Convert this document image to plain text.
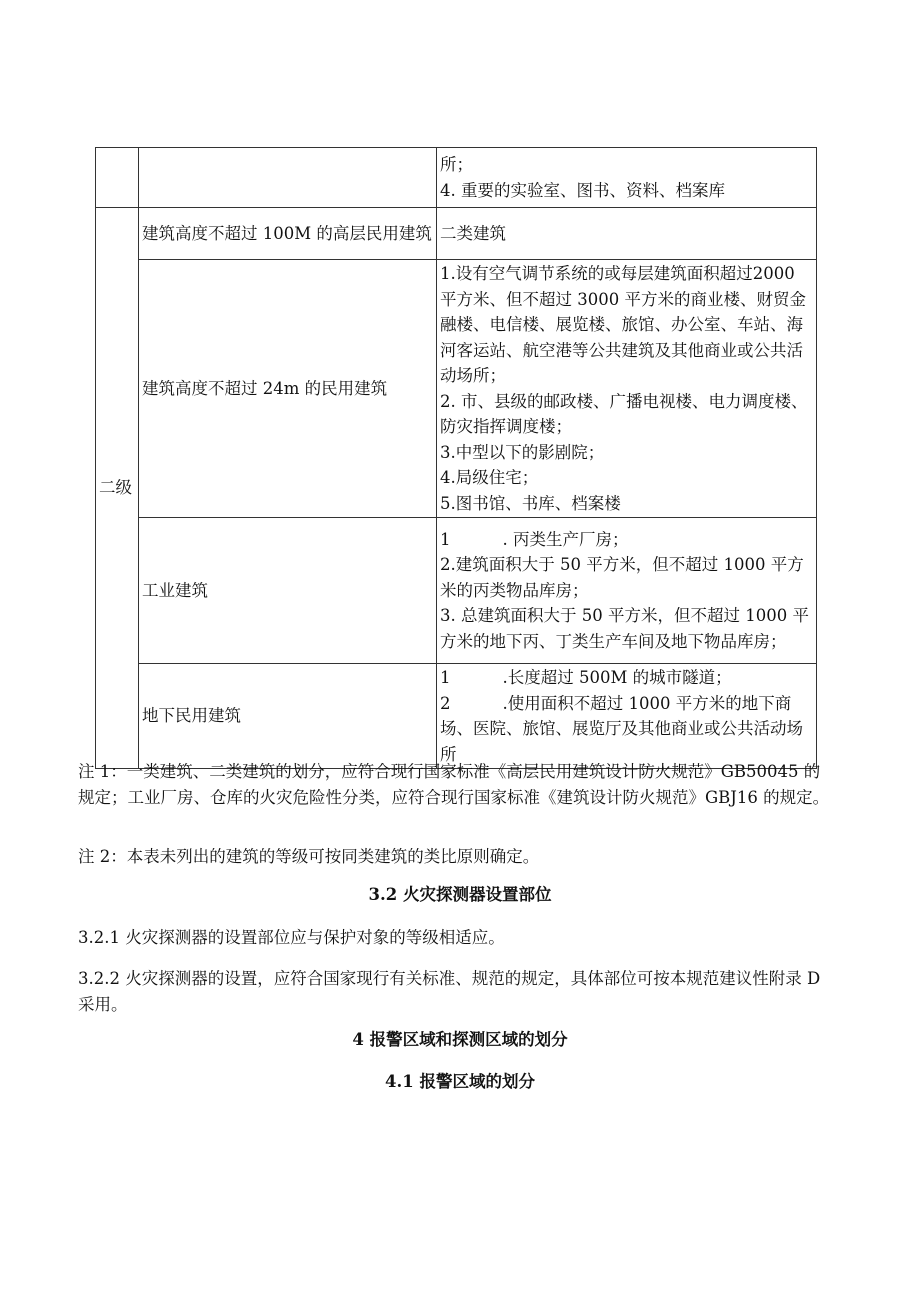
		所；
4. 重要的实验室、图书、资料、档案库

二级	建筑高度不超过 100M 的高层民用建筑	二类建筑

	建筑高度不超过 24m 的民用建筑	1.设有空气调节系统的或每层建筑面积超过2000 平方米、但不超过 3000 平方米的商业楼、财贸金融楼、电信楼、展览楼、旅馆、办公室、车站、海河客运站、航空港等公共建筑及其他商业或公共活动场所；
2. 市、县级的邮政楼、广播电视楼、电力调度楼、防灾指挥调度楼；
3.中型以下的影剧院；
4.局级住宅；
5.图书馆、书库、档案楼

	工业建筑	1 . 丙类生产厂房；
2.建筑面积大于 50 平方米，但不超过 1000 平方米的丙类物品库房；
3. 总建筑面积大于 50 平方米，但不超过 1000 平方米的地下丙、丁类生产车间及地下物品库房；

	地下民用建筑	1 .长度超过 500M 的城市隧道；
2 .使用面积不超过 1000 平方米的地下商场、医院、旅馆、展览厅及其他商业或公共活动场所
注 1：一类建筑、二类建筑的划分，应符合现行国家标准《高层民用建筑设计防火规范》GB50045 的规定；工业厂房、仓库的火灾危险性分类，应符合现行国家标准《建筑设计防火规范》GBJ16 的规定。
注 2：本表未列出的建筑的等级可按同类建筑的类比原则确定。
3.2 火灾探测器设置部位
3.2.1 火灾探测器的设置部位应与保护对象的等级相适应。
3.2.2 火灾探测器的设置，应符合国家现行有关标准、规范的规定，具体部位可按本规范建议性附录 D 采用。
4 报警区域和探测区域的划分
4.1 报警区域的划分
